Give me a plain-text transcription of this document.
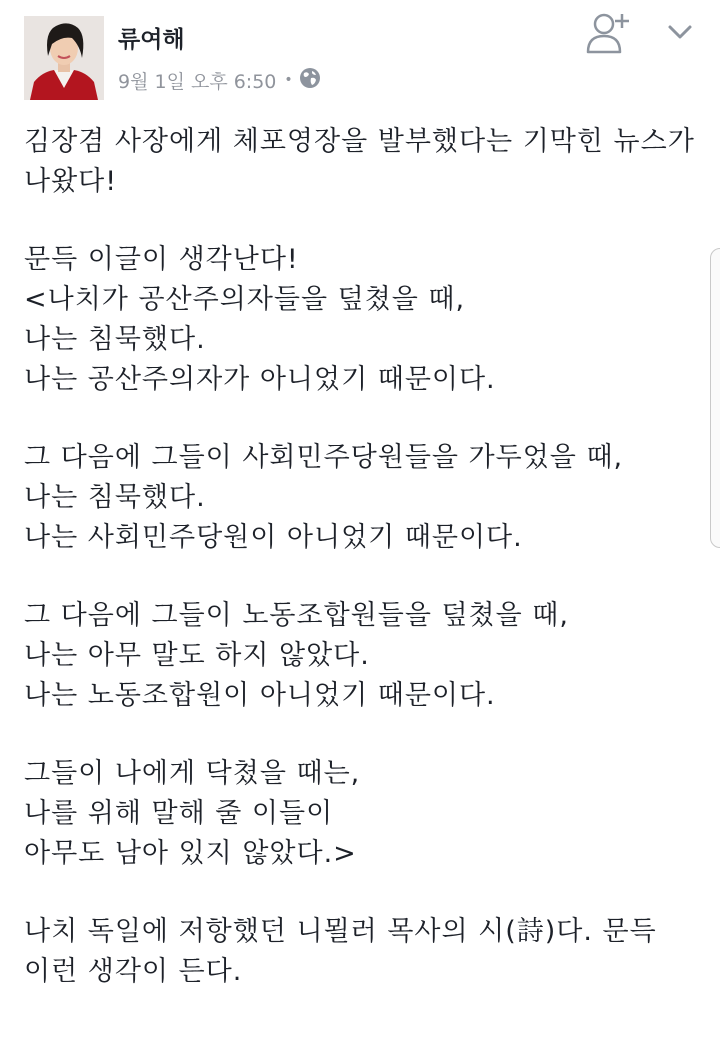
류여해
9월 1일 오후 6:50 •
김장겸 사장에게 체포영장을 발부했다는 기막힌 뉴스가
나왔다!
문득 이글이 생각난다!
<나치가 공산주의자들을 덮쳤을 때,
나는 침묵했다.
나는 공산주의자가 아니었기 때문이다.
그 다음에 그들이 사회민주당원들을 가두었을 때,
나는 침묵했다.
나는 사회민주당원이 아니었기 때문이다.
그 다음에 그들이 노동조합원들을 덮쳤을 때,
나는 아무 말도 하지 않았다.
나는 노동조합원이 아니었기 때문이다.
그들이 나에게 닥쳤을 때는,
나를 위해 말해 줄 이들이
아무도 남아 있지 않았다.>
나치 독일에 저항했던 니묄러 목사의 시(詩)다. 문득
이런 생각이 든다.
